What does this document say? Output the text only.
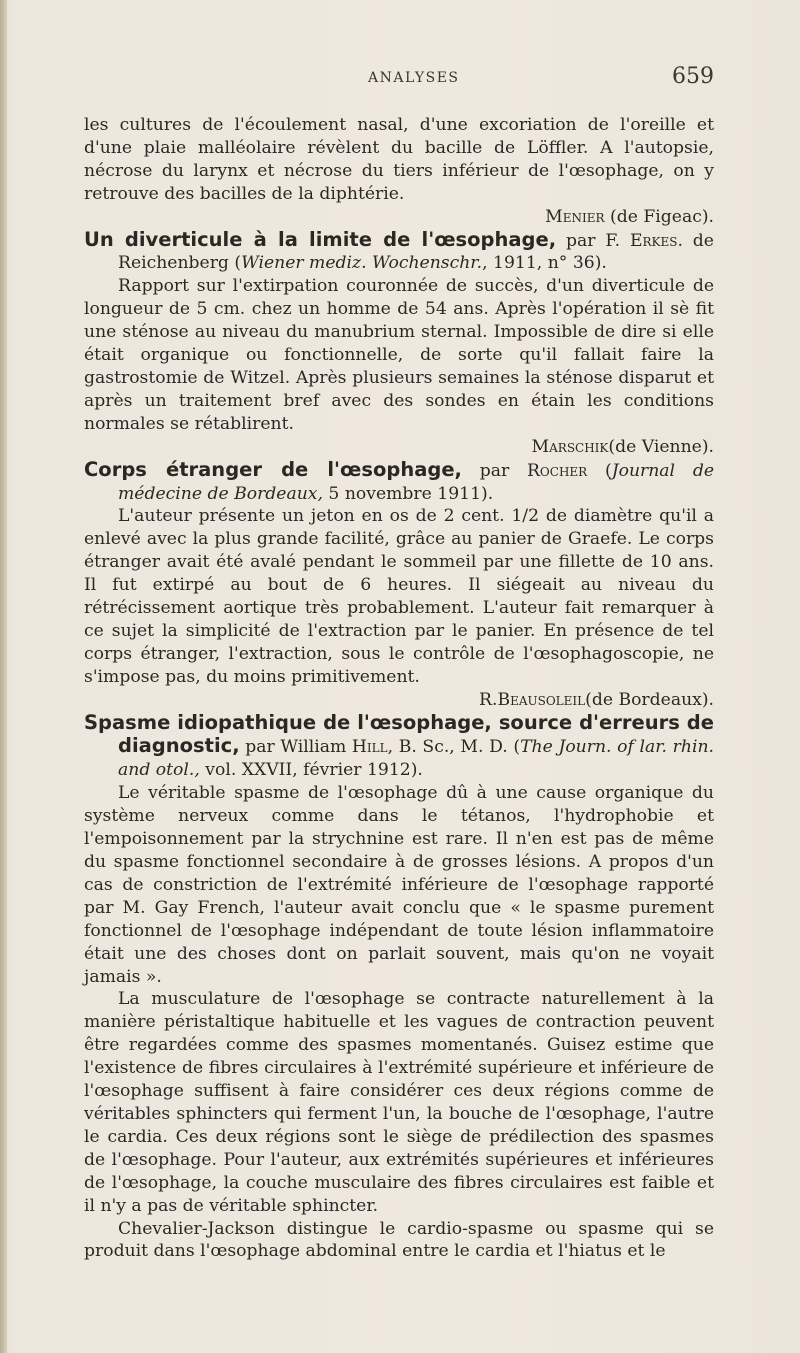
ANALYSES	659

les cultures de l'écoulement nasal, d'une excoriation de l'oreille et d'une plaie malléolaire révèlent du bacille de Löffler. A l'autopsie, nécrose du larynx et nécrose du tiers inférieur de l'œsophage, on y retrouve des bacilles de la diphtérie.

Menier (de Figeac).

Un diverticule à la limite de l'œsophage, par F. Erkes. de Reichenberg (Wiener mediz. Wochenschr., 1911, n° 36).

Rapport sur l'extirpation couronnée de succès, d'un diverticule de longueur de 5 cm. chez un homme de 54 ans. Après l'opération il sè fit une sténose au niveau du manubrium sternal. Impossible de dire si elle était organique ou fonctionnelle, de sorte qu'il fallait faire la gastrostomie de Witzel. Après plusieurs semaines la sténose disparut et après un traitement bref avec des sondes en étain les conditions normales se rétablirent.

Marschik(de Vienne).

Corps étranger de l'œsophage, par Rocher (Journal de médecine de Bordeaux, 5 novembre 1911).

L'auteur présente un jeton en os de 2 cent. 1/2 de diamètre qu'il a enlevé avec la plus grande facilité, grâce au panier de Graefe. Le corps étranger avait été avalé pendant le sommeil par une fillette de 10 ans. Il fut extirpé au bout de 6 heures. Il siégeait au niveau du rétrécissement aortique très probablement. L'auteur fait remarquer à ce sujet la simplicité de l'extraction par le panier. En présence de tel corps étranger, l'extraction, sous le contrôle de l'œsophagoscopie, ne s'impose pas, du moins primitivement.

R.Beausoleil(de Bordeaux).

Spasme idiopathique de l'œsophage, source d'erreurs de diagnostic, par William Hill, B. Sc., M. D. (The Journ. of lar. rhin. and otol., vol. XXVII, février 1912).

Le véritable spasme de l'œsophage dû à une cause organique du système nerveux comme dans le tétanos, l'hydrophobie et l'empoisonnement par la strychnine est rare. Il n'en est pas de même du spasme fonctionnel secondaire à de grosses lésions. A propos d'un cas de constriction de l'extrémité inférieure de l'œsophage rapporté par M. Gay French, l'auteur avait conclu que « le spasme purement fonctionnel de l'œsophage indépendant de toute lésion inflammatoire était une des choses dont on parlait souvent, mais qu'on ne voyait jamais ».

La musculature de l'œsophage se contracte naturellement à la manière péristaltique habituelle et les vagues de contraction peuvent être regardées comme des spasmes momentanés. Guisez estime que l'existence de fibres circulaires à l'extrémité supérieure et inférieure de l'œsophage suffisent à faire considérer ces deux régions comme de véritables sphincters qui ferment l'un, la bouche de l'œsophage, l'autre le cardia. Ces deux régions sont le siège de prédilection des spasmes de l'œsophage. Pour l'auteur, aux extrémités supérieures et inférieures de l'œsophage, la couche musculaire des fibres circulaires est faible et il n'y a pas de véritable sphincter.

Chevalier-Jackson distingue le cardio-spasme ou spasme qui se produit dans l'œsophage abdominal entre le cardia et l'hiatus et le
